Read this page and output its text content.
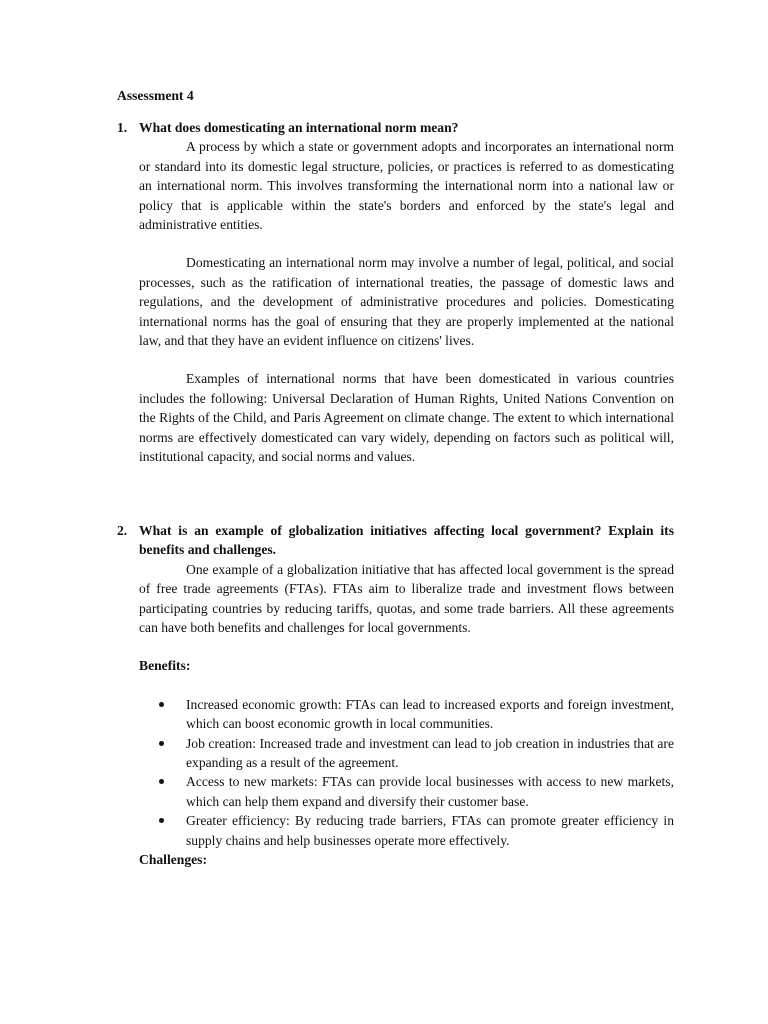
Assessment 4
1. What does domesticating an international norm mean?

A process by which a state or government adopts and incorporates an international norm or standard into its domestic legal structure, policies, or practices is referred to as domesticating an international norm. This involves transforming the international norm into a national law or policy that is applicable within the state's borders and enforced by the state's legal and administrative entities.

Domesticating an international norm may involve a number of legal, political, and social processes, such as the ratification of international treaties, the passage of domestic laws and regulations, and the development of administrative procedures and policies. Domesticating international norms has the goal of ensuring that they are properly implemented at the national law, and that they have an evident influence on citizens' lives.

Examples of international norms that have been domesticated in various countries includes the following: Universal Declaration of Human Rights, United Nations Convention on the Rights of the Child, and Paris Agreement on climate change. The extent to which international norms are effectively domesticated can vary widely, depending on factors such as political will, institutional capacity, and social norms and values.

2. What is an example of globalization initiatives affecting local government? Explain its benefits and challenges.

One example of a globalization initiative that has affected local government is the spread of free trade agreements (FTAs). FTAs aim to liberalize trade and investment flows between participating countries by reducing tariffs, quotas, and some trade barriers. All these agreements can have both benefits and challenges for local governments.

Benefits:
Increased economic growth: FTAs can lead to increased exports and foreign investment, which can boost economic growth in local communities.
Job creation: Increased trade and investment can lead to job creation in industries that are expanding as a result of the agreement.
Access to new markets: FTAs can provide local businesses with access to new markets, which can help them expand and diversify their customer base.
Greater efficiency: By reducing trade barriers, FTAs can promote greater efficiency in supply chains and help businesses operate more effectively.
Challenges:
